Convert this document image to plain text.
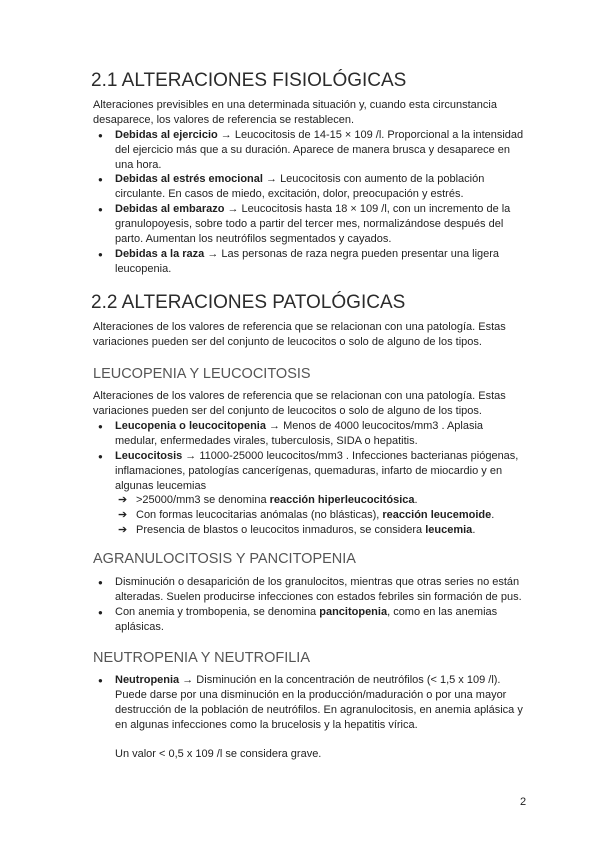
2.1 ALTERACIONES FISIOLÓGICAS
Alteraciones previsibles en una determinada situación y, cuando esta circunstancia
desaparece, los valores de referencia se restablecen.
● Debidas al ejercicio → Leucocitosis de 14-15 × 109 /l. Proporcional a la intensidad
del ejercicio más que a su duración. Aparece de manera brusca y desaparece en
una hora.
● Debidas al estrés emocional → Leucocitosis con aumento de la población
circulante. En casos de miedo, excitación, dolor, preocupación y estrés.
● Debidas al embarazo → Leucocitosis hasta 18 × 109 /l, con un incremento de la
granulopoyesis, sobre todo a partir del tercer mes, normalizándose después del
parto. Aumentan los neutrófilos segmentados y cayados.
● Debidas a la raza → Las personas de raza negra pueden presentar una ligera
leucopenia.
2.2 ALTERACIONES PATOLÓGICAS
Alteraciones de los valores de referencia que se relacionan con una patología. Estas
variaciones pueden ser del conjunto de leucocitos o solo de alguno de los tipos.
LEUCOPENIA Y LEUCOCITOSIS
Alteraciones de los valores de referencia que se relacionan con una patología. Estas
variaciones pueden ser del conjunto de leucocitos o solo de alguno de los tipos.
● Leucopenia o leucocitopenia → Menos de 4000 leucocitos/mm3 . Aplasia
medular, enfermedades virales, tuberculosis, SIDA o hepatitis.
● Leucocitosis → 11000-25000 leucocitos/mm3 . Infecciones bacterianas piógenas,
inflamaciones, patologías cancerígenas, quemaduras, infarto de miocardio y en
algunas leucemias
➔ >25000/mm3 se denomina reacción hiperleucocitósica.
➔ Con formas leucocitarias anómalas (no blásticas), reacción leucemoide.
➔ Presencia de blastos o leucocitos inmaduros, se considera leucemia.
AGRANULOCITOSIS Y PANCITOPENIA
● Disminución o desaparición de los granulocitos, mientras que otras series no están
alteradas. Suelen producirse infecciones con estados febriles sin formación de pus.
● Con anemia y trombopenia, se denomina pancitopenia, como en las anemias
aplásicas.
NEUTROPENIA Y NEUTROFILIA
● Neutropenia → Disminución en la concentración de neutrófilos (< 1,5 x 109 /l).
Puede darse por una disminución en la producción/maduración o por una mayor
destrucción de la población de neutrófilos. En agranulocitosis, en anemia aplásica y
en algunas infecciones como la brucelosis y la hepatitis vírica.
Un valor < 0,5 x 109 /l se considera grave.
2
